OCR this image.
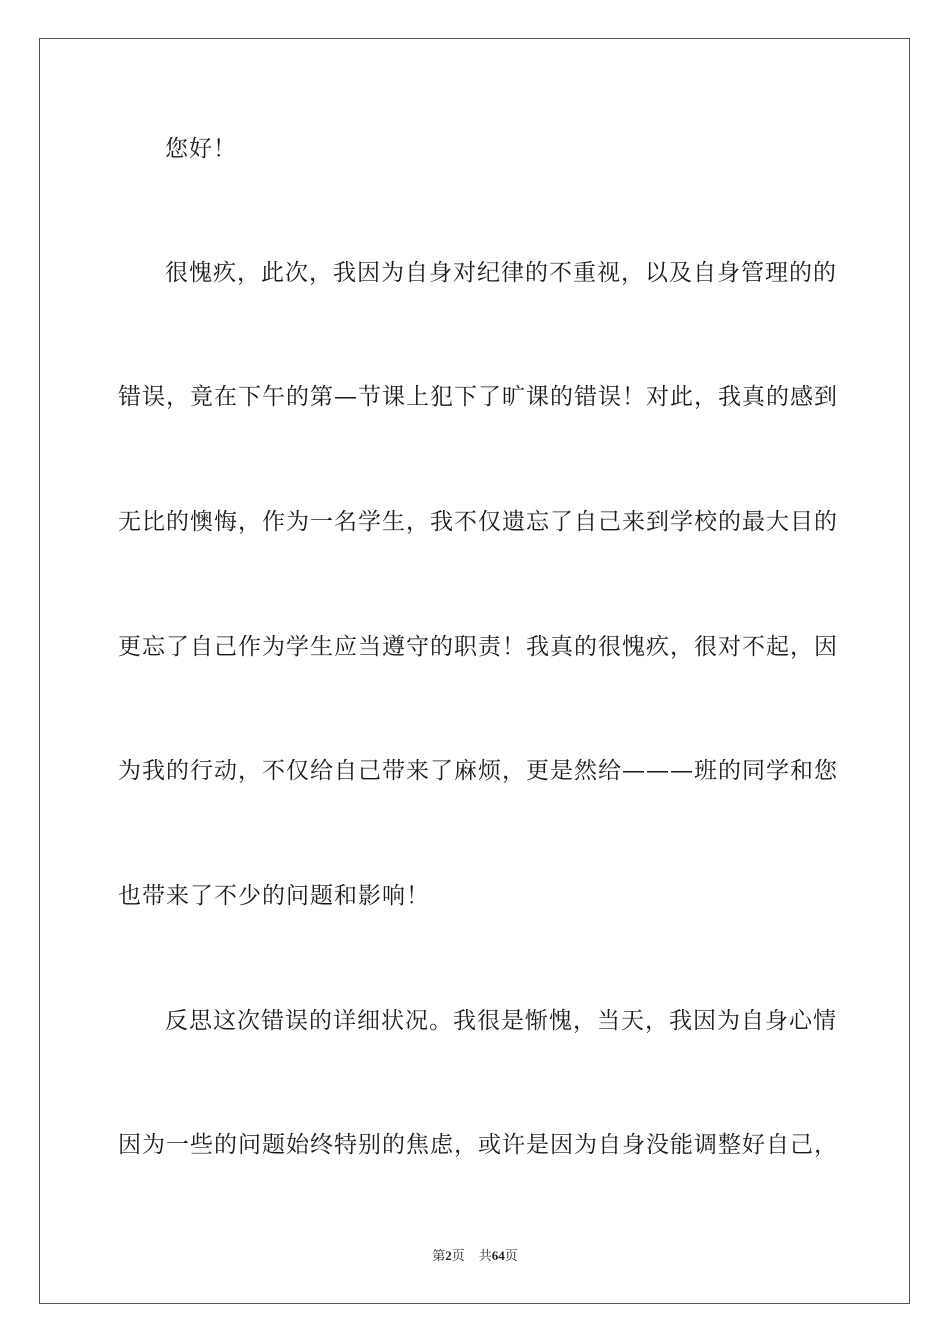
您好！
很愧疚，此次，我因为自身对纪律的不重视，以及自身管理的的
错误，竟在下午的第—节课上犯下了旷课的错误！对此，我真的感到
无比的懊悔，作为一名学生，我不仅遗忘了自己来到学校的最大目的
更忘了自己作为学生应当遵守的职责！我真的很愧疚，很对不起，因
为我的行动，不仅给自己带来了麻烦，更是然给———班的同学和您
也带来了不少的问题和影响！
反思这次错误的详细状况。我很是惭愧，当天，我因为自身心情
因为一些的问题始终特别的焦虑，或许是因为自身没能调整好自己，
第2页 共64页
